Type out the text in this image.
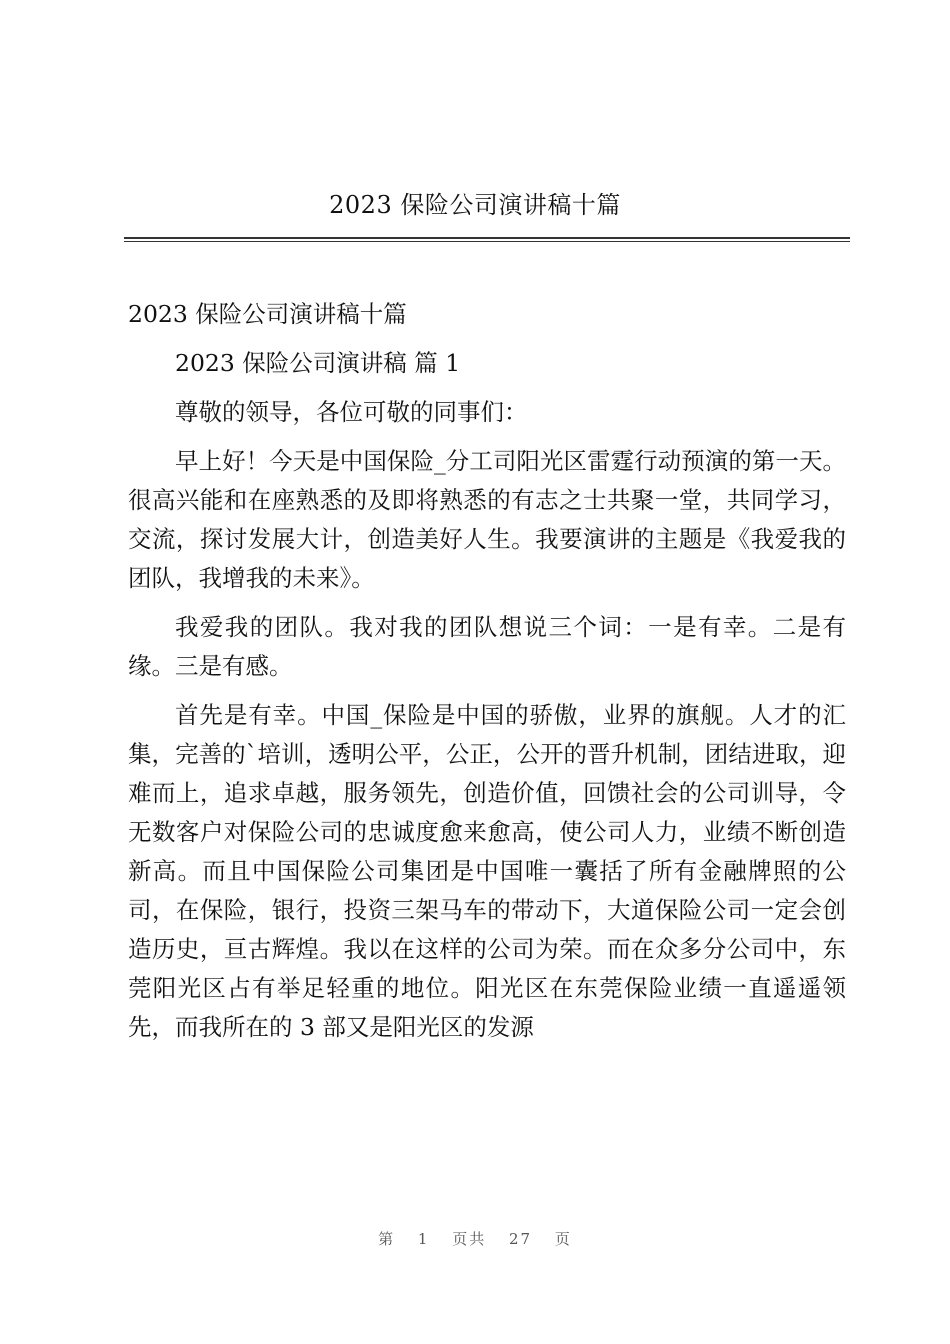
2023 保险公司演讲稿十篇

2023 保险公司演讲稿十篇

2023 保险公司演讲稿 篇 1

尊敬的领导，各位可敬的同事们：

早上好！今天是中国保险_分工司阳光区雷霆行动预演的第一天。很高兴能和在座熟悉的及即将熟悉的有志之士共聚一堂，共同学习，交流，探讨发展大计，创造美好人生。我要演讲的主题是《我爱我的团队，我增我的未来》。

我爱我的团队。我对我的团队想说三个词：一是有幸。二是有缘。三是有感。

首先是有幸。中国_保险是中国的骄傲，业界的旗舰。人才的汇集，完善的`培训，透明公平，公正，公开的晋升机制，团结进取，迎难而上，追求卓越，服务领先，创造价值，回馈社会的公司训导，令无数客户对保险公司的忠诚度愈来愈高，使公司人力，业绩不断创造新高。而且中国保险公司集团是中国唯一囊括了所有金融牌照的公司，在保险，银行，投资三架马车的带动下，大道保险公司一定会创造历史，亘古辉煌。我以在这样的公司为荣。而在众多分公司中，东莞阳光区占有举足轻重的地位。阳光区在东莞保险业绩一直遥遥领先，而我所在的 3 部又是阳光区的发源

第 1 页共 27 页
